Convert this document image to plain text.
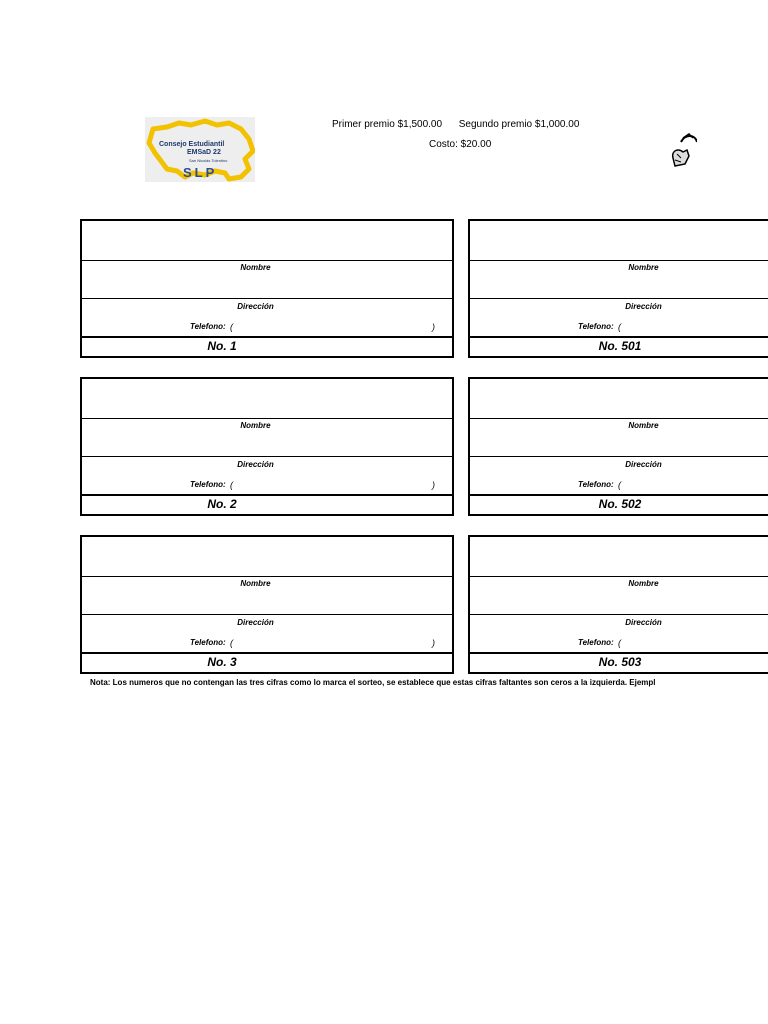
Consejo Estudiantil
EMSaD 22
San Nicolás Tolentino
SLP
Primer premio $1,500.00 Segundo premio $1,000.00
Costo: $20.00
Nombre
Dirección
Telefono: (	)
No. 1
Nombre
Dirección
Telefono: (	)
No. 2
Nombre
Dirección
Telefono: (	)
No. 3
Nombre
Dirección
Telefono: (
No. 501
Nombre
Dirección
Telefono: (
No. 502
Nombre
Dirección
Telefono: (
No. 503
Nota: Los numeros que no contengan las tres cifras como lo marca el sorteo, se establece que estas cifras faltantes son ceros a la izquierda. Ejempl
